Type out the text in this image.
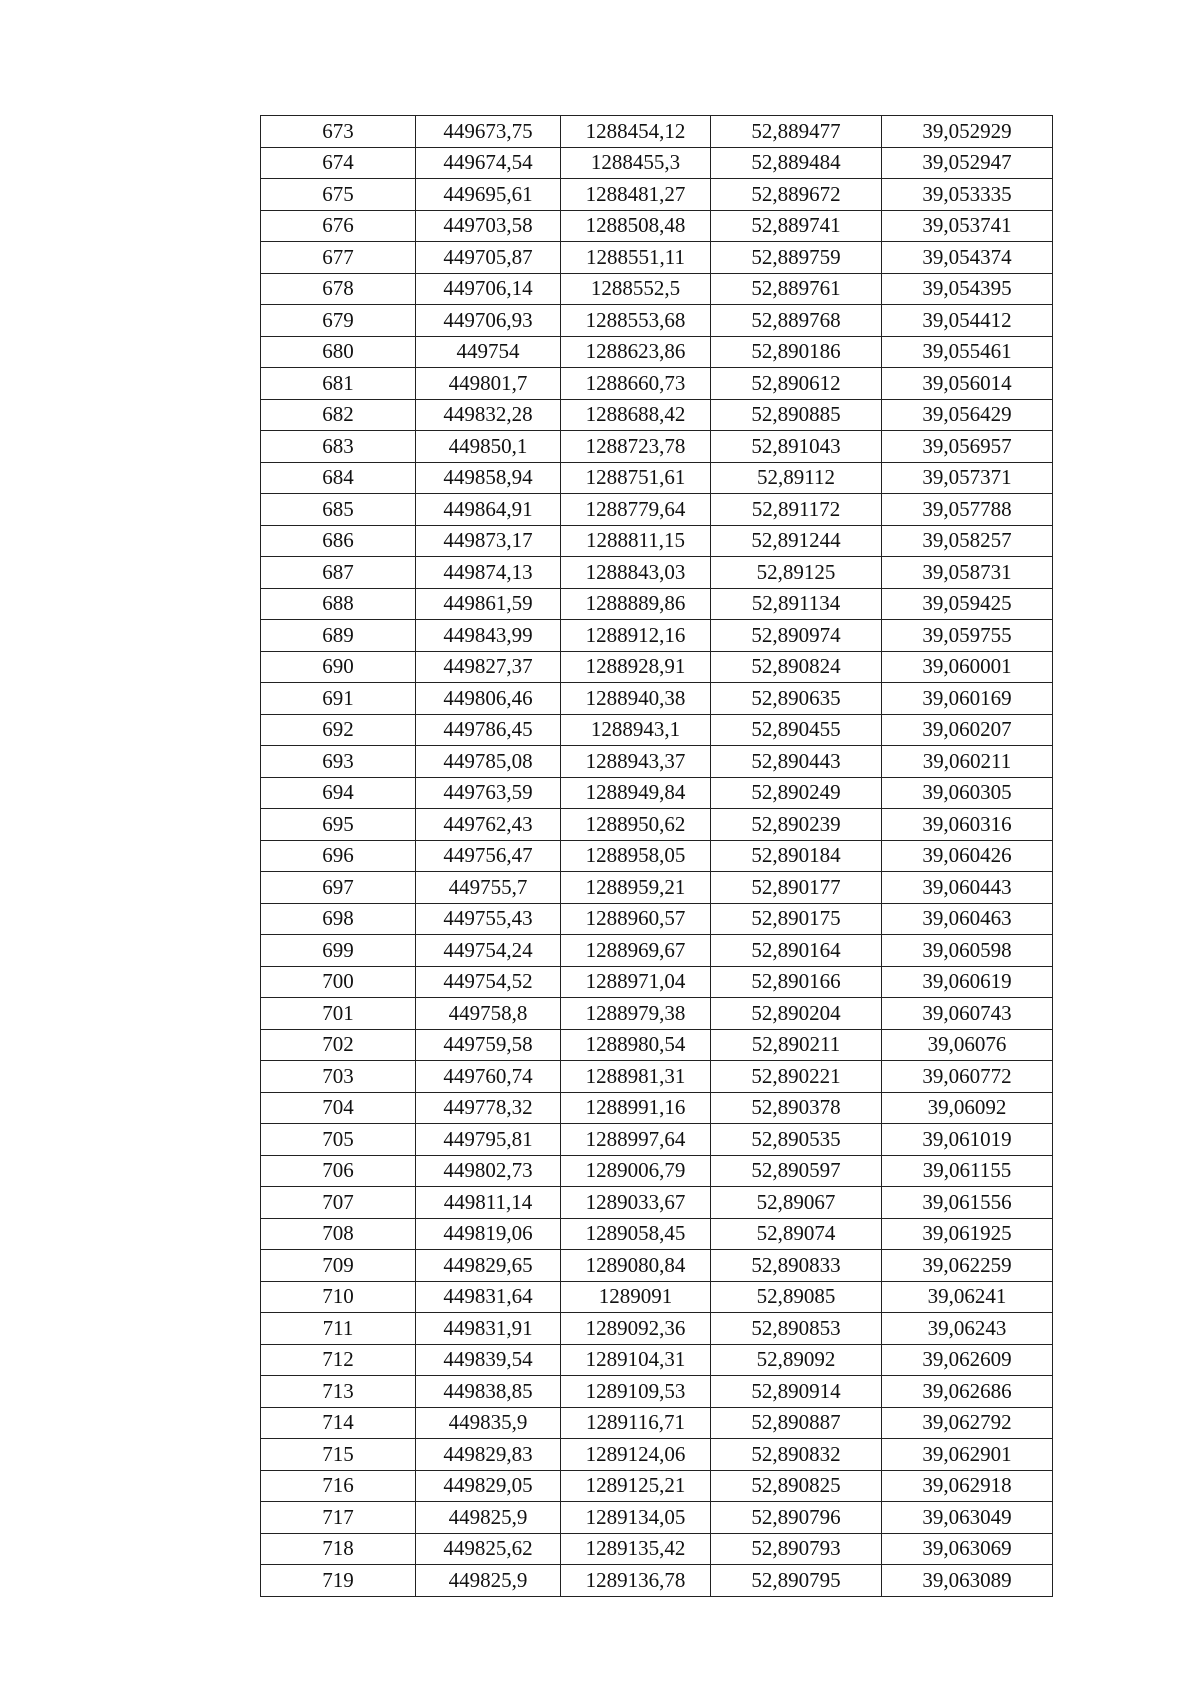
673	449673,75	1288454,12	52,889477	39,052929
674	449674,54	1288455,3	52,889484	39,052947
675	449695,61	1288481,27	52,889672	39,053335
676	449703,58	1288508,48	52,889741	39,053741
677	449705,87	1288551,11	52,889759	39,054374
678	449706,14	1288552,5	52,889761	39,054395
679	449706,93	1288553,68	52,889768	39,054412
680	449754	1288623,86	52,890186	39,055461
681	449801,7	1288660,73	52,890612	39,056014
682	449832,28	1288688,42	52,890885	39,056429
683	449850,1	1288723,78	52,891043	39,056957
684	449858,94	1288751,61	52,89112	39,057371
685	449864,91	1288779,64	52,891172	39,057788
686	449873,17	1288811,15	52,891244	39,058257
687	449874,13	1288843,03	52,89125	39,058731
688	449861,59	1288889,86	52,891134	39,059425
689	449843,99	1288912,16	52,890974	39,059755
690	449827,37	1288928,91	52,890824	39,060001
691	449806,46	1288940,38	52,890635	39,060169
692	449786,45	1288943,1	52,890455	39,060207
693	449785,08	1288943,37	52,890443	39,060211
694	449763,59	1288949,84	52,890249	39,060305
695	449762,43	1288950,62	52,890239	39,060316
696	449756,47	1288958,05	52,890184	39,060426
697	449755,7	1288959,21	52,890177	39,060443
698	449755,43	1288960,57	52,890175	39,060463
699	449754,24	1288969,67	52,890164	39,060598
700	449754,52	1288971,04	52,890166	39,060619
701	449758,8	1288979,38	52,890204	39,060743
702	449759,58	1288980,54	52,890211	39,06076
703	449760,74	1288981,31	52,890221	39,060772
704	449778,32	1288991,16	52,890378	39,06092
705	449795,81	1288997,64	52,890535	39,061019
706	449802,73	1289006,79	52,890597	39,061155
707	449811,14	1289033,67	52,89067	39,061556
708	449819,06	1289058,45	52,89074	39,061925
709	449829,65	1289080,84	52,890833	39,062259
710	449831,64	1289091	52,89085	39,06241
711	449831,91	1289092,36	52,890853	39,06243
712	449839,54	1289104,31	52,89092	39,062609
713	449838,85	1289109,53	52,890914	39,062686
714	449835,9	1289116,71	52,890887	39,062792
715	449829,83	1289124,06	52,890832	39,062901
716	449829,05	1289125,21	52,890825	39,062918
717	449825,9	1289134,05	52,890796	39,063049
718	449825,62	1289135,42	52,890793	39,063069
719	449825,9	1289136,78	52,890795	39,063089
